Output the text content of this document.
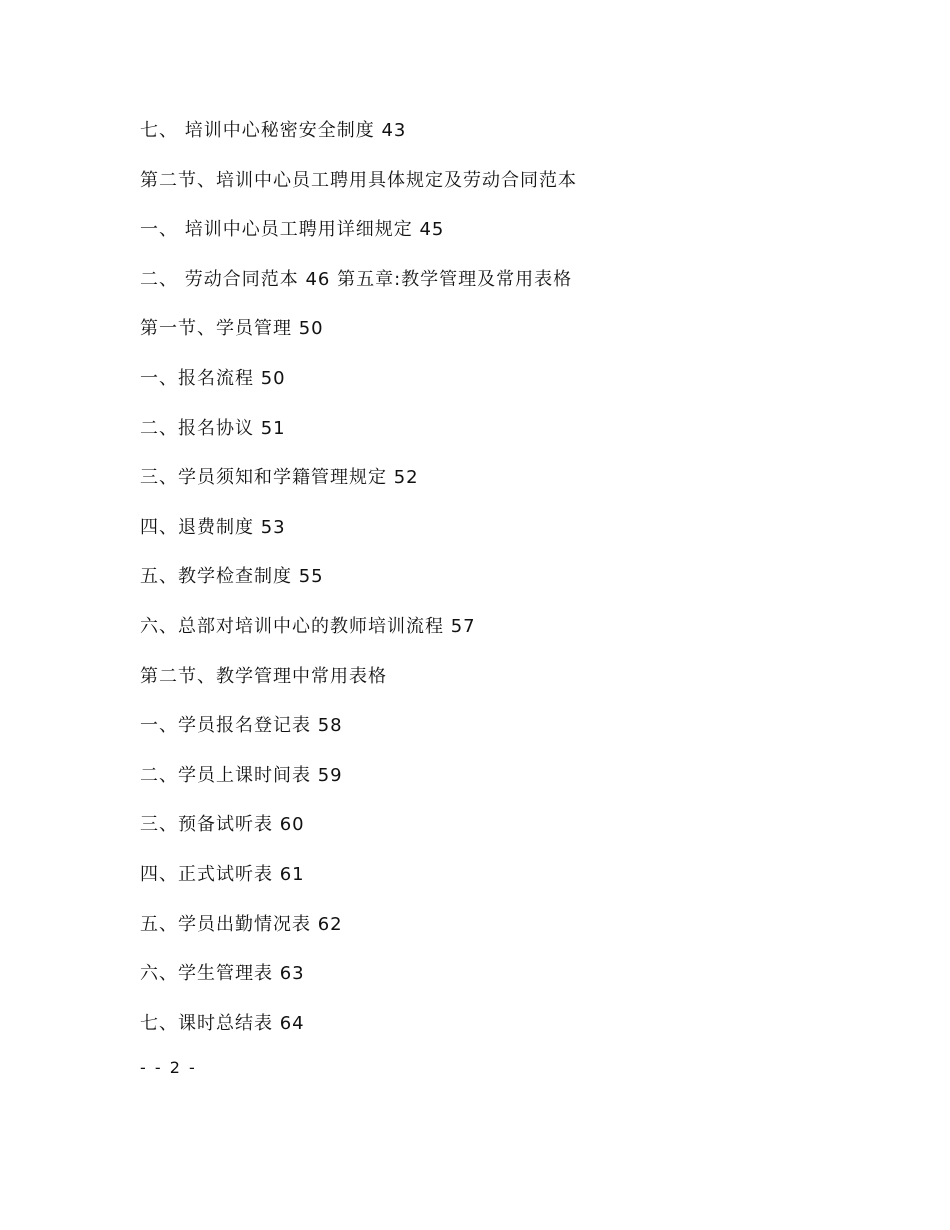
七、 培训中心秘密安全制度 43
第二节、培训中心员工聘用具体规定及劳动合同范本
一、 培训中心员工聘用详细规定 45
二、 劳动合同范本 46 第五章:教学管理及常用表格
第一节、学员管理 50
一、报名流程 50
二、报名协议 51
三、学员须知和学籍管理规定 52
四、退费制度 53
五、教学检查制度 55
六、总部对培训中心的教师培训流程 57
第二节、教学管理中常用表格
一、学员报名登记表 58
二、学员上课时间表 59
三、预备试听表 60
四、正式试听表 61
五、学员出勤情况表 62
六、学生管理表 63
七、课时总结表 64
- - 2 -
